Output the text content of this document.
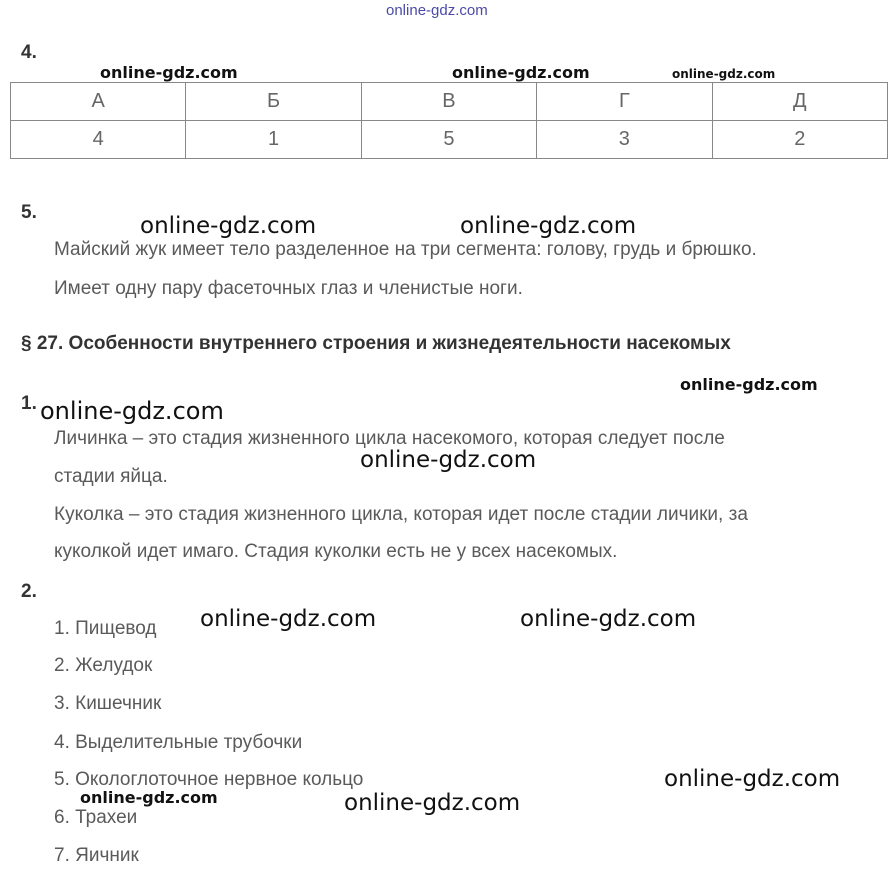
online-gdz.com
4.
online-gdz.com	online-gdz.com	online-gdz.com
А	Б	В	Г	Д
4	1	5	3	2
5.
online-gdz.com	online-gdz.com
Майский жук имеет тело разделенное на три сегмента: голову, грудь и брюшко.
Имеет одну пару фасеточных глаз и членистые ноги.
§ 27. Особенности внутреннего строения и жизнедеятельности насекомых
online-gdz.com
1. online-gdz.com
Личинка – это стадия жизненного цикла насекомого, которая следует после
online-gdz.com
стадии яйца.
Куколка – это стадия жизненного цикла, которая идет после стадии личики, за
куколкой идет имаго. Стадия куколки есть не у всех насекомых.
2.
online-gdz.com	online-gdz.com
1. Пищевод
2. Желудок
3. Кишечник
4. Выделительные трубочки
5. Окологлоточное нервное кольцо	online-gdz.com
online-gdz.com	online-gdz.com
6. Трахеи
7. Яичник
